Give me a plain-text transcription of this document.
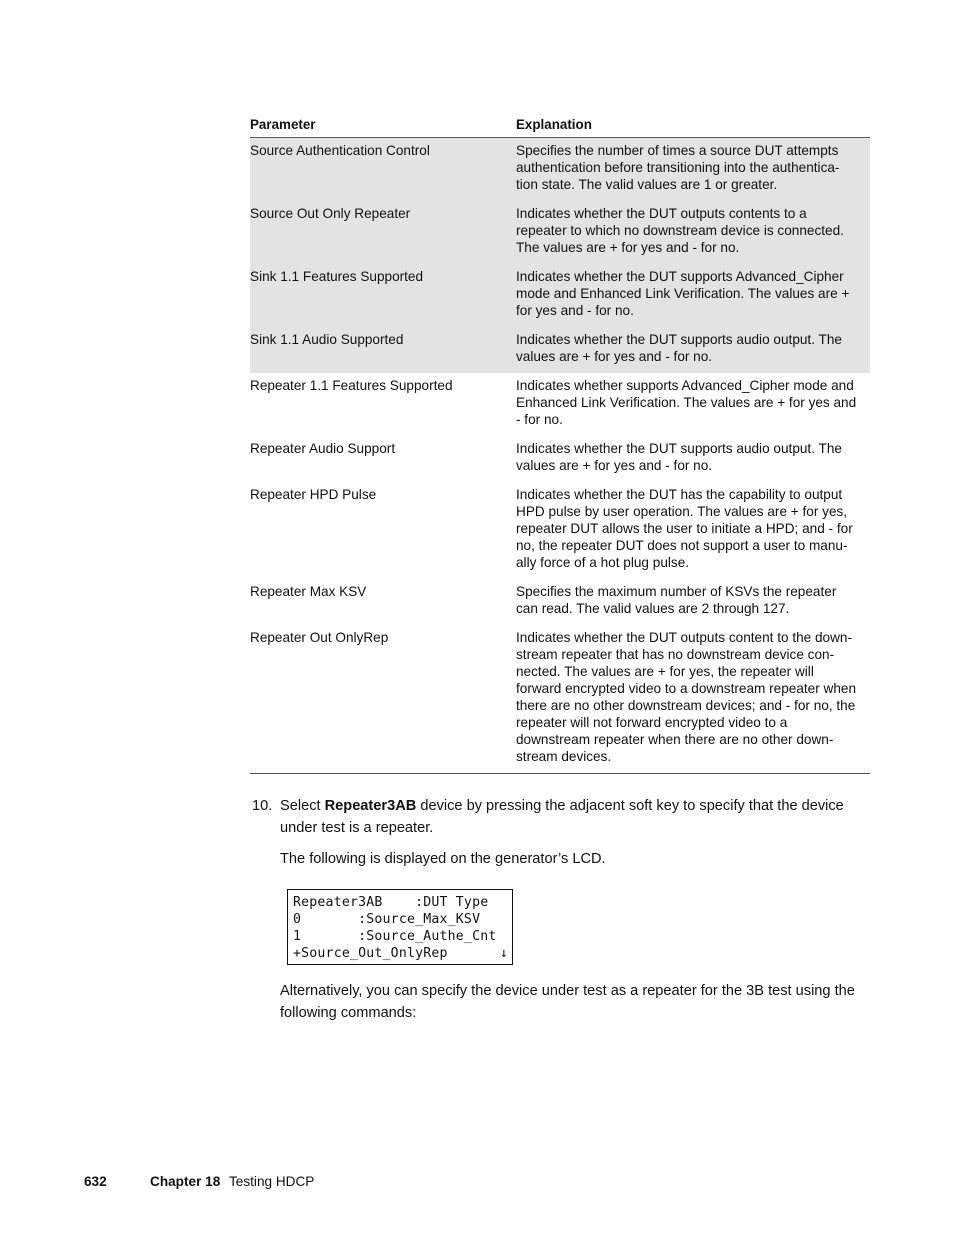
Parameter	Explanation
Source Authentication Control	Specifies the number of times a source DUT attempts authentication before transitioning into the authentica-tion state. The valid values are 1 or greater.
Source Out Only Repeater	Indicates whether the DUT outputs contents to a repeater to which no downstream device is connected. The values are + for yes and - for no.
Sink 1.1 Features Supported	Indicates whether the DUT supports Advanced_Cipher mode and Enhanced Link Verification. The values are + for yes and - for no.
Sink 1.1 Audio Supported	Indicates whether the DUT supports audio output. The values are + for yes and - for no.
Repeater 1.1 Features Supported	Indicates whether supports Advanced_Cipher mode and Enhanced Link Verification. The values are + for yes and - for no.
Repeater Audio Support	Indicates whether the DUT supports audio output. The values are + for yes and - for no.
Repeater HPD Pulse	Indicates whether the DUT has the capability to output HPD pulse by user operation. The values are + for yes, repeater DUT allows the user to initiate a HPD; and - for no, the repeater DUT does not support a user to manu-ally force of a hot plug pulse.
Repeater Max KSV	Specifies the maximum number of KSVs the repeater can read. The valid values are 2 through 127.
Repeater Out OnlyRep	Indicates whether the DUT outputs content to the down-stream repeater that has no downstream device con-nected. The values are + for yes, the repeater will forward encrypted video to a downstream repeater when there are no other downstream devices; and - for no, the repeater will not forward encrypted video to a downstream repeater when there are no other down-stream devices.
10. Select Repeater3AB device by pressing the adjacent soft key to specify that the device under test is a repeater.
The following is displayed on the generator’s LCD.
Repeater3AB    :DUT Type
0       :Source_Max_KSV
1       :Source_Authe_Cnt
+Source_Out_OnlyRep	↓
Alternatively, you can specify the device under test as a repeater for the 3B test using the following commands:
632	Chapter 18 Testing HDCP
